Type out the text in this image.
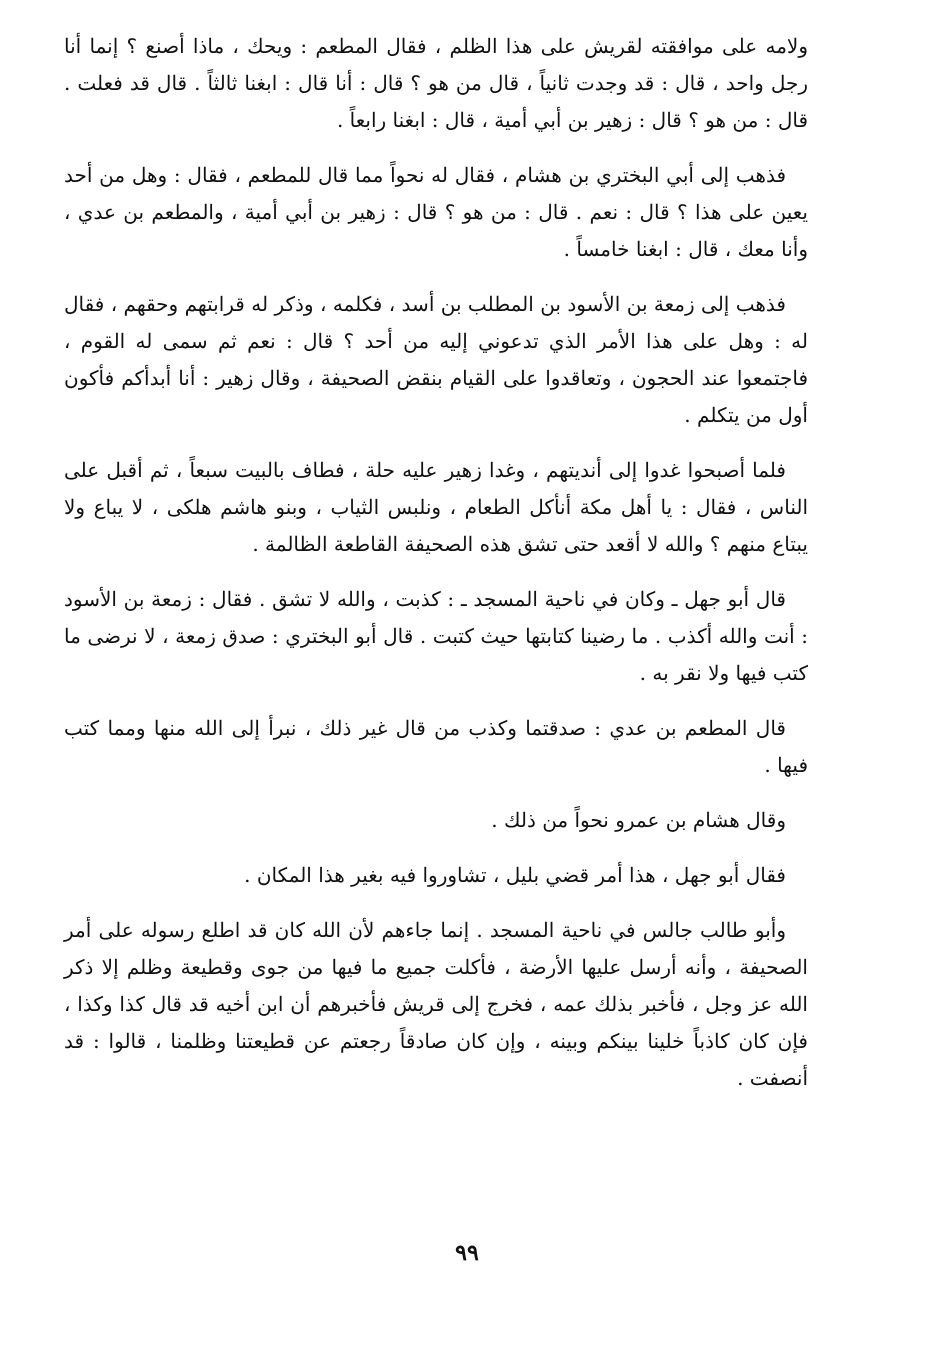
ولامه على موافقته لقريش على هذا الظلم ، فقال المطعم : ويحك ، ماذا أصنع ؟ إنما أنا رجل واحد ، قال : قد وجدت ثانياً ، قال من هو ؟ قال : أنا قال : ابغنا ثالثاً . قال قد فعلت . قال : من هو ؟ قال : زهير بن أبي أمية ، قال : ابغنا رابعاً .

فذهب إلى أبي البختري بن هشام ، فقال له نحواً مما قال للمطعم ، فقال : وهل من أحد يعين على هذا ؟ قال : نعم . قال : من هو ؟ قال : زهير بن أبي أمية ، والمطعم بن عدي ، وأنا معك ، قال : ابغنا خامساً .

فذهب إلى زمعة بن الأسود بن المطلب بن أسد ، فكلمه ، وذكر له قرابتهم وحقهم ، فقال له : وهل على هذا الأمر الذي تدعوني إليه من أحد ؟ قال : نعم ثم سمى له القوم ، فاجتمعوا عند الحجون ، وتعاقدوا على القيام بنقض الصحيفة ، وقال زهير : أنا أبدأكم فأكون أول من يتكلم .

فلما أصبحوا غدوا إلى أنديتهم ، وغدا زهير عليه حلة ، فطاف بالبيت سبعاً ، ثم أقبل على الناس ، فقال : يا أهل مكة أنأكل الطعام ، ونلبس الثياب ، وبنو هاشم هلكى ، لا يباع ولا يبتاع منهم ؟ والله لا أقعد حتى تشق هذه الصحيفة القاطعة الظالمة .

قال أبو جهل ـ وكان في ناحية المسجد ـ : كذبت ، والله لا تشق . فقال : زمعة بن الأسود : أنت والله أكذب . ما رضينا كتابتها حيث كتبت . قال أبو البختري : صدق زمعة ، لا نرضى ما كتب فيها ولا نقر به .

قال المطعم بن عدي : صدقتما وكذب من قال غير ذلك ، نبرأ إلى الله منها ومما كتب فيها .

وقال هشام بن عمرو نحواً من ذلك .

فقال أبو جهل ، هذا أمر قضي بليل ، تشاوروا فيه بغير هذا المكان .

وأبو طالب جالس في ناحية المسجد . إنما جاءهم لأن الله كان قد اطلع رسوله على أمر الصحيفة ، وأنه أرسل عليها الأرضة ، فأكلت جميع ما فيها من جوى وقطيعة وظلم إلا ذكر الله عز وجل ، فأخبر بذلك عمه ، فخرج إلى قريش فأخبرهم أن ابن أخيه قد قال كذا وكذا ، فإن كان كاذباً خلينا بينكم وبينه ، وإن كان صادقاً رجعتم عن قطيعتنا وظلمنا ، قالوا : قد أنصفت .

٩٩
